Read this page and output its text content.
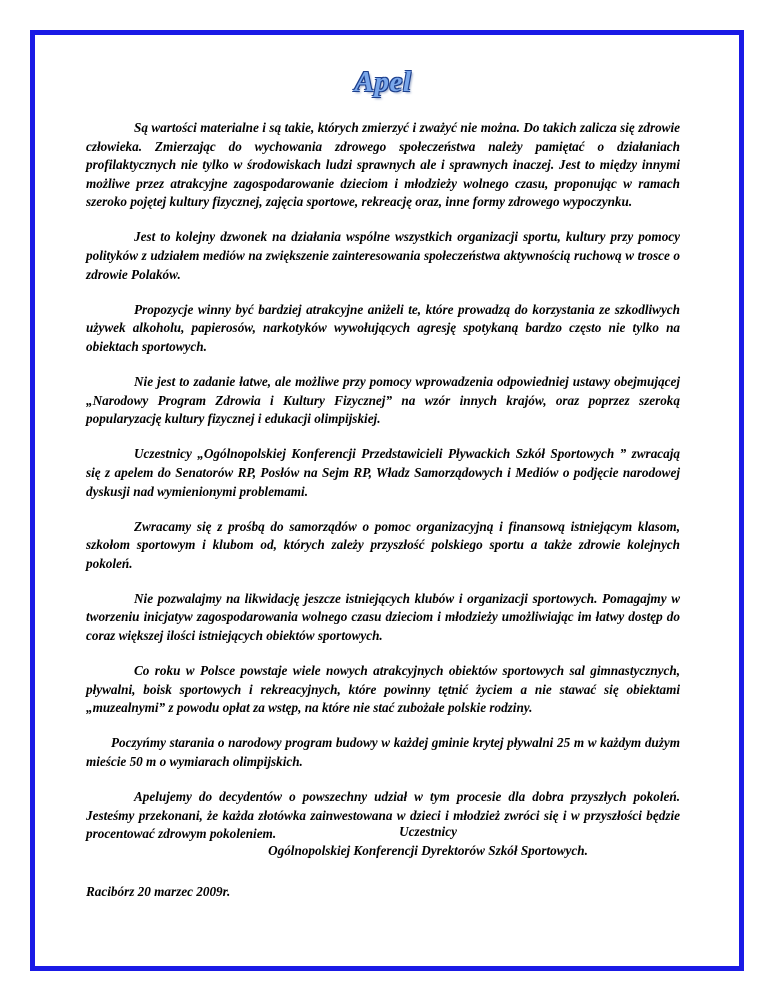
Apel

Są wartości materialne i są takie, których zmierzyć i zważyć nie można. Do takich zalicza się zdrowie człowieka. Zmierzając do wychowania zdrowego społeczeństwa należy pamiętać o działaniach profilaktycznych nie tylko w środowiskach ludzi sprawnych ale i sprawnych inaczej. Jest to między innymi możliwe przez atrakcyjne zagospodarowanie dzieciom i młodzieży wolnego czasu, proponując w ramach szeroko pojętej kultury fizycznej, zajęcia sportowe, rekreację oraz, inne formy zdrowego wypoczynku.

Jest to kolejny dzwonek na działania wspólne wszystkich organizacji sportu, kultury przy pomocy polityków z udziałem mediów na zwiększenie zainteresowania społeczeństwa aktywnością ruchową w trosce o zdrowie Polaków.

Propozycje winny być bardziej atrakcyjne aniżeli te, które prowadzą do korzystania ze szkodliwych używek alkoholu, papierosów, narkotyków wywołujących agresję spotykaną bardzo często nie tylko na obiektach sportowych.

Nie jest to zadanie łatwe, ale możliwe przy pomocy wprowadzenia odpowiedniej ustawy obejmującej „Narodowy Program Zdrowia i Kultury Fizycznej” na wzór innych krajów, oraz poprzez szeroką popularyzację kultury fizycznej i edukacji olimpijskiej.

Uczestnicy „Ogólnopolskiej Konferencji Przedstawicieli Pływackich Szkół Sportowych ” zwracają się z apelem do Senatorów RP, Posłów na Sejm RP, Władz Samorządowych i Mediów o podjęcie narodowej dyskusji nad wymienionymi problemami.

Zwracamy się z prośbą do samorządów o pomoc organizacyjną i finansową istniejącym klasom, szkołom sportowym i klubom od, których zależy przyszłość polskiego sportu a także zdrowie kolejnych pokoleń.

Nie pozwalajmy na likwidację jeszcze istniejących klubów i organizacji sportowych. Pomagajmy w tworzeniu inicjatyw zagospodarowania wolnego czasu dzieciom i młodzieży umożliwiając im łatwy dostęp do coraz większej ilości istniejących obiektów sportowych.

Co roku w Polsce powstaje wiele nowych atrakcyjnych obiektów sportowych sal gimnastycznych, pływalni, boisk sportowych i rekreacyjnych, które powinny tętnić życiem a nie stawać się obiektami „muzealnymi” z powodu opłat za wstęp, na które nie stać zubożałe polskie rodziny.

Poczyńmy starania o narodowy program budowy w każdej gminie krytej pływalni 25 m w każdym dużym mieście 50 m o wymiarach olimpijskich.

Apelujemy do decydentów o powszechny udział w tym procesie dla dobra przyszłych pokoleń. Jesteśmy przekonani, że każda złotówka zainwestowana w dzieci i młodzież zwróci się i w przyszłości będzie procentować zdrowym pokoleniem.	Uczestnicy
Ogólnopolskiej Konferencji Dyrektorów Szkół Sportowych.
Racibórz 20 marzec 2009r.
